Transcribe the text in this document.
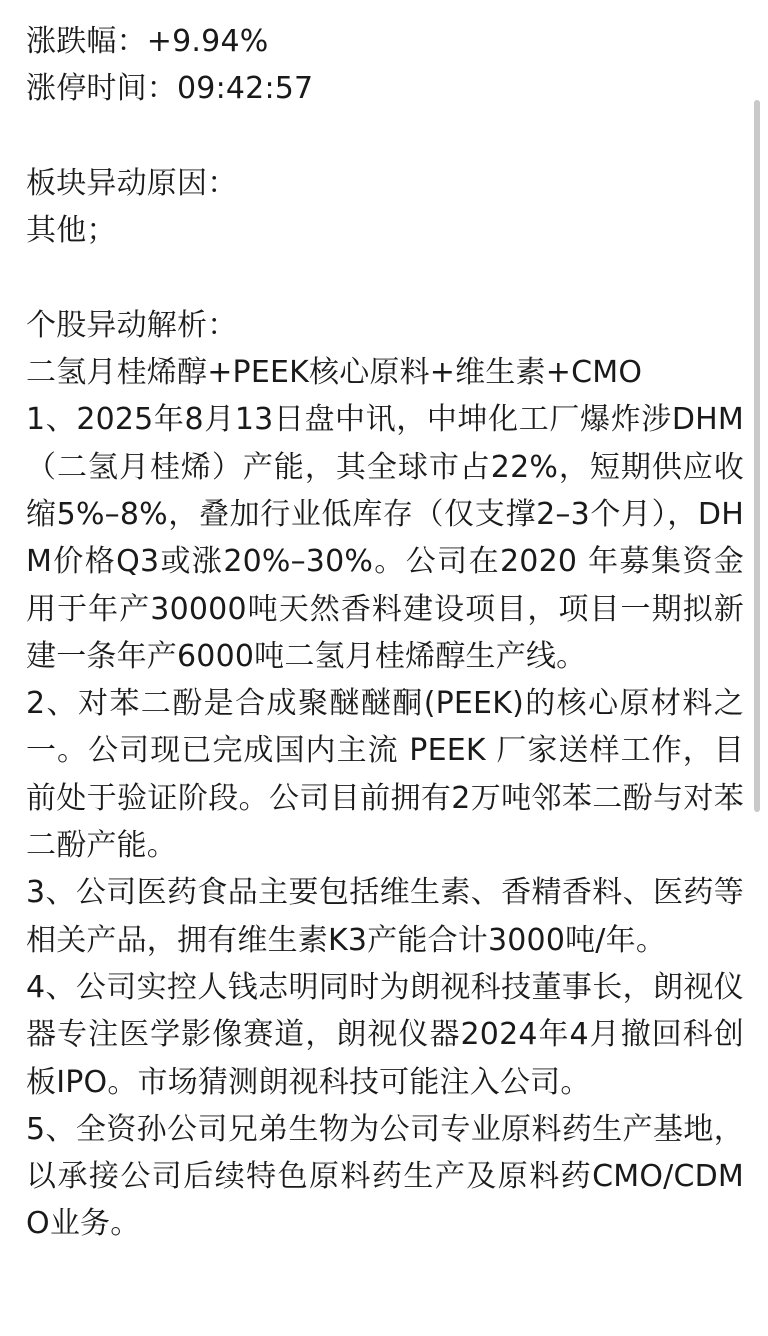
涨跌幅：+9.94%
涨停时间：09:42:57
板块异动原因：
其他；
个股异动解析：
二氢月桂烯醇+PEEK核心原料+维生素+CMO
1、2025年8月13日盘中讯，中坤化工厂爆炸涉DHM（二氢月桂烯）产能，其全球市占22%，短期供应收缩5%–8%，叠加行业低库存（仅支撑2–3个月），DHM价格Q3或涨20%–30%。公司在2020 年募集资金用于年产30000吨天然香料建设项目，项目一期拟新建一条年产6000吨二氢月桂烯醇生产线。
2、对苯二酚是合成聚醚醚酮(PEEK)的核心原材料之一。公司现已完成国内主流 PEEK 厂家送样工作，目前处于验证阶段。公司目前拥有2万吨邻苯二酚与对苯二酚产能。
3、公司医药食品主要包括维生素、香精香料、医药等相关产品，拥有维生素K3产能合计3000吨/年。
4、公司实控人钱志明同时为朗视科技董事长，朗视仪器专注医学影像赛道，朗视仪器2024年4月撤回科创板IPO。市场猜测朗视科技可能注入公司。
5、全资孙公司兄弟生物为公司专业原料药生产基地，以承接公司后续特色原料药生产及原料药CMO/CDMO业务。
